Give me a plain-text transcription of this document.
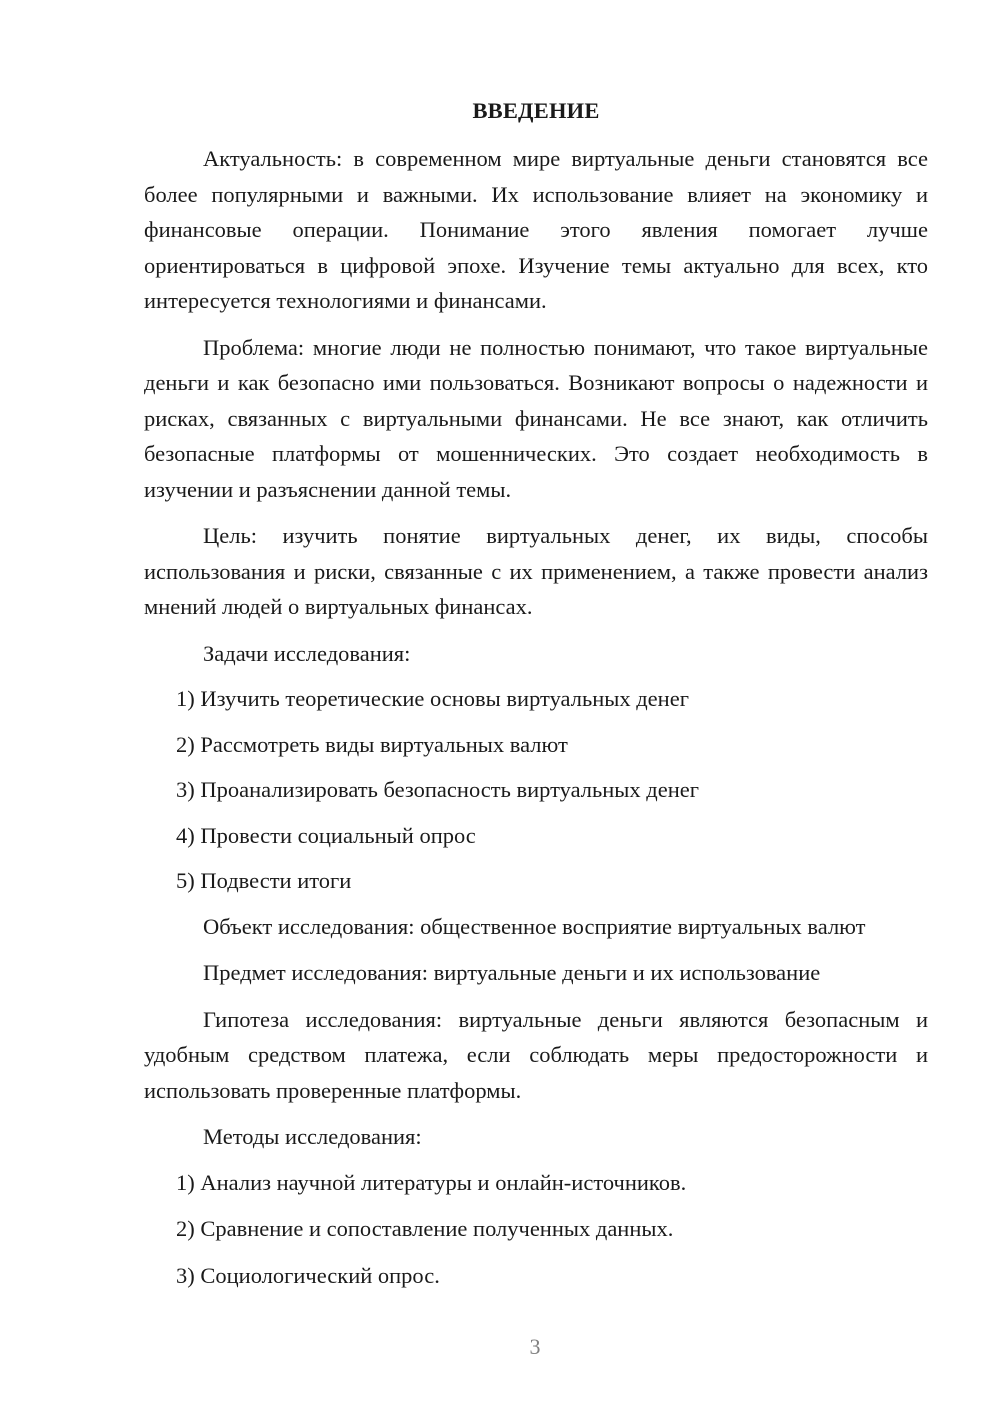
ВВЕДЕНИЕ

Актуальность: в современном мире виртуальные деньги становятся все более популярными и важными. Их использование влияет на экономику и финансовые операции. Понимание этого явления помогает лучше ориентироваться в цифровой эпохе. Изучение темы актуально для всех, кто интересуется технологиями и финансами.

Проблема: многие люди не полностью понимают, что такое виртуальные деньги и как безопасно ими пользоваться. Возникают вопросы о надежности и рисках, связанных с виртуальными финансами. Не все знают, как отличить безопасные платформы от мошеннических. Это создает необходимость в изучении и разъяснении данной темы.

Цель: изучить понятие виртуальных денег, их виды, способы использования и риски, связанные с их применением, а также провести анализ мнений людей о виртуальных финансах.

Задачи исследования:

1) Изучить теоретические основы виртуальных денег
2) Рассмотреть виды виртуальных валют
3) Проанализировать безопасность виртуальных денег
4) Провести социальный опрос
5) Подвести итоги

Объект исследования: общественное восприятие виртуальных валют

Предмет исследования: виртуальные деньги и их использование

Гипотеза исследования: виртуальные деньги являются безопасным и удобным средством платежа, если соблюдать меры предосторожности и использовать проверенные платформы.

Методы исследования:

1) Анализ научной литературы и онлайн-источников.
2) Сравнение и сопоставление полученных данных.
3) Социологический опрос.
3
